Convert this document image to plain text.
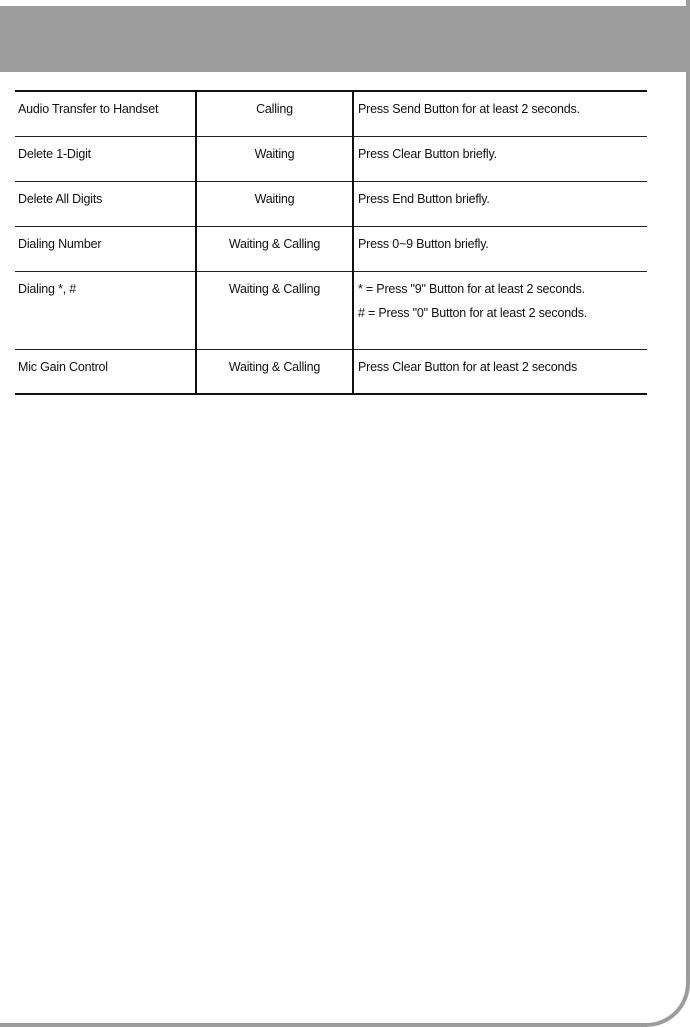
Audio Transfer to Handset	Calling	Press Send Button for at least 2 seconds.

Delete 1-Digit	Waiting	Press Clear Button briefly.

Delete All Digits	Waiting	Press End Button briefly.

Dialing Number	Waiting & Calling	Press 0~9 Button briefly.

Dialing *, #	Waiting & Calling	* = Press "9" Button for at least 2 seconds.
# = Press "0" Button for at least 2 seconds.

Mic Gain Control	Waiting & Calling	Press Clear Button for at least 2 seconds
